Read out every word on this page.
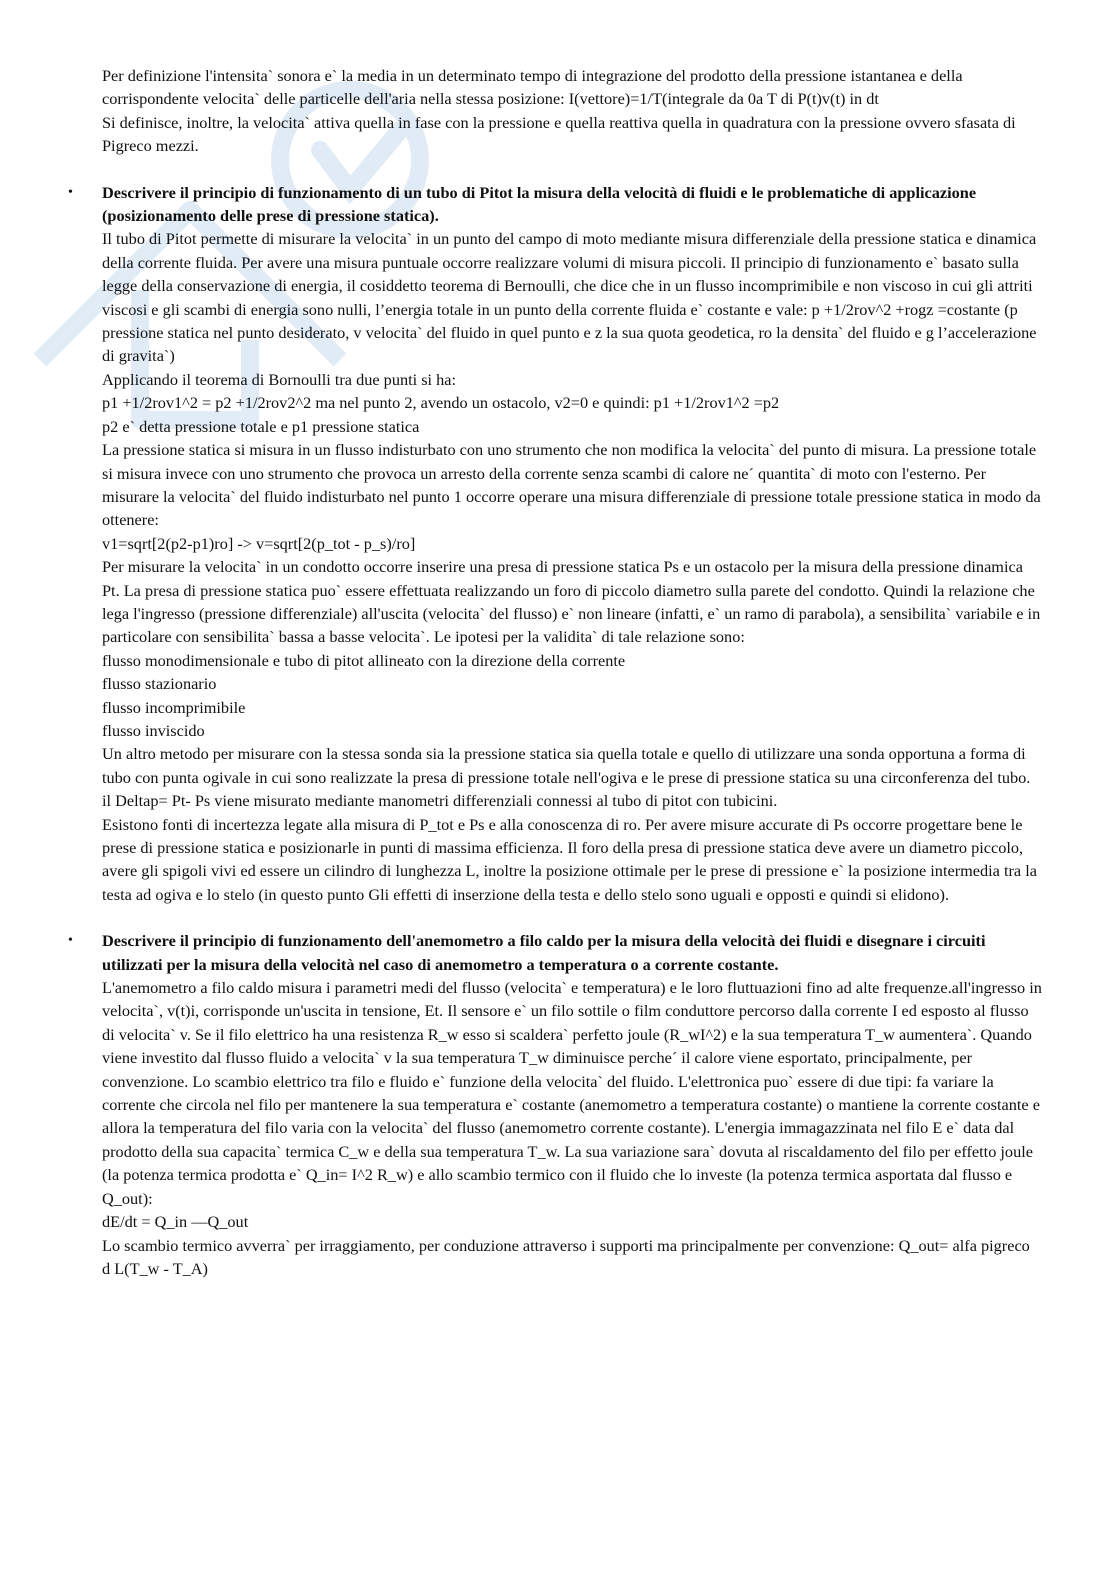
Per definizione l'intensita` sonora e` la media in un determinato tempo di integrazione del prodotto della pressione istantanea e della corrispondente velocita` delle particelle dell'aria nella stessa posizione: I(vettore)=1/T(integrale da 0a T di P(t)v(t) in dt

Si definisce, inoltre, la velocita` attiva quella in fase con la pressione e quella reattiva quella in quadratura con la pressione ovvero sfasata di Pigreco mezzi.

• Descrivere il principio di funzionamento di un tubo di Pitot la misura della velocità di fluidi e le problematiche di applicazione (posizionamento delle prese di pressione statica).

Il tubo di Pitot permette di misurare la velocita` in un punto del campo di moto mediante misura differenziale della pressione statica e dinamica della corrente fluida. Per avere una misura puntuale occorre realizzare volumi di misura piccoli. Il principio di funzionamento e` basato sulla legge della conservazione di energia, il cosiddetto teorema di Bernoulli, che dice che in un flusso incomprimibile e non viscoso in cui gli attriti viscosi e gli scambi di energia sono nulli, l’energia totale in un punto della corrente fluida e` costante e vale: p +1/2rov^2 +rogz =costante (p pressione statica nel punto desiderato, v velocita` del fluido in quel punto e z la sua quota geodetica, ro la densita` del fluido e g l’accelerazione di gravita`)

Applicando il teorema di Bornoulli tra due punti si ha:

p1 +1/2rov1^2 = p2 +1/2rov2^2 ma nel punto 2, avendo un ostacolo, v2=0 e quindi: p1 +1/2rov1^2 =p2

p2 e` detta pressione totale e p1 pressione statica

La pressione statica si misura in un flusso indisturbato con uno strumento che non modifica la velocita` del punto di misura. La pressione totale si misura invece con uno strumento che provoca un arresto della corrente senza scambi di calore ne´ quantita` di moto con l'esterno. Per misurare la velocita` del fluido indisturbato nel punto 1 occorre operare una misura differenziale di pressione totale pressione statica in modo da ottenere:

v1=sqrt[2(p2-p1)ro] -> v=sqrt[2(p_tot - p_s)/ro]

Per misurare la velocita` in un condotto occorre inserire una presa di pressione statica Ps e un ostacolo per la misura della pressione dinamica Pt. La presa di pressione statica puo` essere effettuata realizzando un foro di piccolo diametro sulla parete del condotto. Quindi la relazione che lega l'ingresso (pressione differenziale) all'uscita (velocita` del flusso) e` non lineare (infatti, e` un ramo di parabola), a sensibilita` variabile e in particolare con sensibilita` bassa a basse velocita`. Le ipotesi per la validita` di tale relazione sono:

flusso monodimensionale e tubo di pitot allineato con la direzione della corrente

flusso stazionario

flusso incomprimibile

flusso inviscido

Un altro metodo per misurare con la stessa sonda sia la pressione statica sia quella totale e quello di utilizzare una sonda opportuna a forma di tubo con punta ogivale in cui sono realizzate la presa di pressione totale nell'ogiva e le prese di pressione statica su una circonferenza del tubo. il Deltap= Pt- Ps viene misurato mediante manometri differenziali connessi al tubo di pitot con tubicini.

Esistono fonti di incertezza legate alla misura di P_tot e Ps e alla conoscenza di ro. Per avere misure accurate di Ps occorre progettare bene le prese di pressione statica e posizionarle in punti di massima efficienza. Il foro della presa di pressione statica deve avere un diametro piccolo, avere gli spigoli vivi ed essere un cilindro di lunghezza L, inoltre la posizione ottimale per le prese di pressione e` la posizione intermedia tra la testa ad ogiva e lo stelo (in questo punto Gli effetti di inserzione della testa e dello stelo sono uguali e opposti e quindi si elidono).

• Descrivere il principio di funzionamento dell'anemometro a filo caldo per la misura della velocità dei fluidi e disegnare i circuiti utilizzati per la misura della velocità nel caso di anemometro a temperatura o a corrente costante.

L'anemometro a filo caldo misura i parametri medi del flusso (velocita` e temperatura) e le loro fluttuazioni fino ad alte frequenze.all'ingresso in velocita`, v(t)i, corrisponde un'uscita in tensione, Et. Il sensore e` un filo sottile o film conduttore percorso dalla corrente I ed esposto al flusso di velocita` v. Se il filo elettrico ha una resistenza R_w esso si scaldera` perfetto joule (R_wI^2) e la sua temperatura T_w aumentera`. Quando viene investito dal flusso fluido a velocita` v la sua temperatura T_w diminuisce perche´ il calore viene esportato, principalmente, per convenzione. Lo scambio elettrico tra filo e fluido e` funzione della velocita` del fluido. L'elettronica puo` essere di due tipi: fa variare la corrente che circola nel filo per mantenere la sua temperatura e` costante (anemometro a temperatura costante) o mantiene la corrente costante e allora la temperatura del filo varia con la velocita` del flusso (anemometro corrente costante). L'energia immagazzinata nel filo E e` data dal prodotto della sua capacita` termica C_w e della sua temperatura T_w. La sua variazione sara` dovuta al riscaldamento del filo per effetto joule (la potenza termica prodotta e` Q_in= I^2 R_w) e allo scambio termico con il fluido che lo investe (la potenza termica asportata dal flusso e Q_out):

dE/dt = Q_in —Q_out

Lo scambio termico avverra` per irraggiamento, per conduzione attraverso i supporti ma principalmente per convenzione: Q_out= alfa pigreco d L(T_w - T_A)
